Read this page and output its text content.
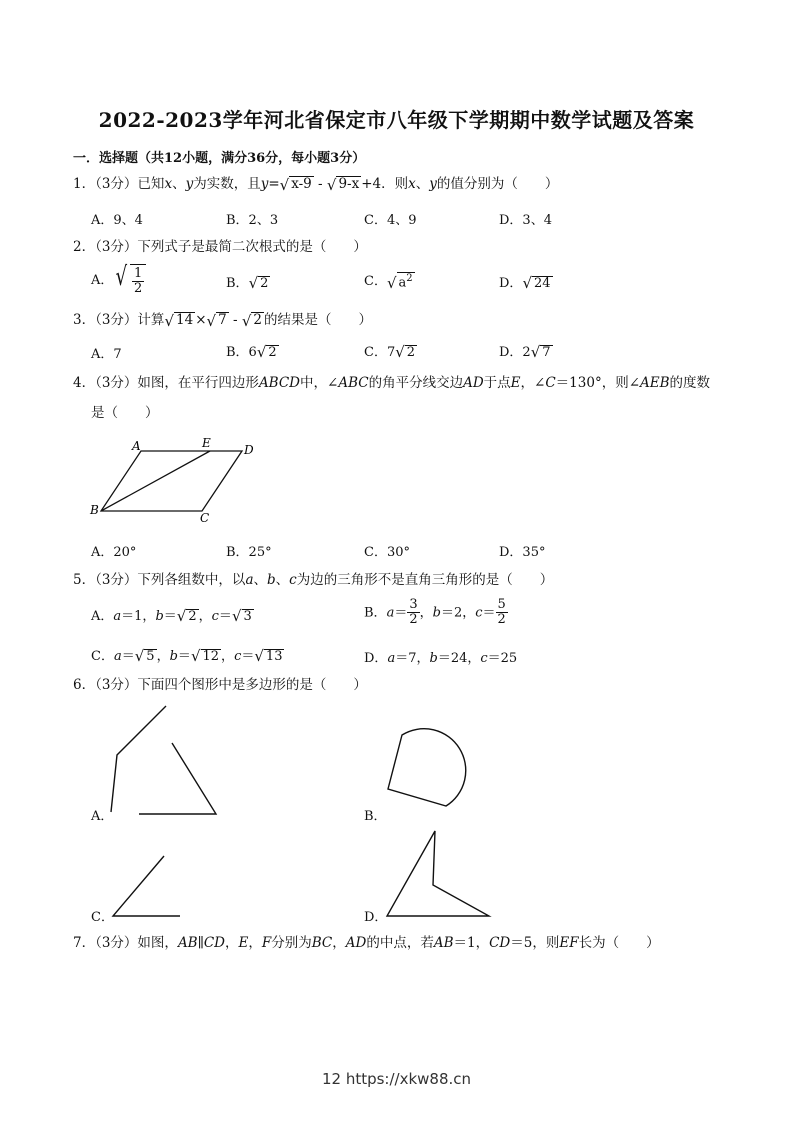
2022-2023学年河北省保定市八年级下学期期中数学试题及答案
一．选择题（共12小题，满分36分，每小题3分）
1．（3分）已知x、y为实数，且y= √ x-9 - √ 9-x +4．则x、y的值分别为（　　）
A．9、4	B．2、3	C．4、9	D．3、4
2．（3分）下列式子是最简二次根式的是（　　）
A． √ $\frac{1}{2}$	B． √ 2	C． √ $a^2$	D． √ 24
3．（3分）计算 √ 14 × √ 7 - √ 2 的结果是（　　）
A．7	B．6 √ 2	C．7 √ 2	D．2 √ 7
4．（3分）如图，在平行四边形ABCD中，∠ABC的角平分线交边AD于点E，∠C＝130°，则∠AEB的度数
是（　　）
A	E	D
B
C
A．20°	B．25°	C．30°	D．35°
5．（3分）下列各组数中，以a、b、c为边的三角形不是直角三角形的是（　　）
A．a＝1，b＝ √ 2 ，c＝ √ 3	B．$a= \frac{3}{2}$ ，b＝2，$c= \frac{5}{2}$
C．a＝ √ 5 ，b＝ √ 12 ，c＝ √ 13	D．a＝7，b＝24，c＝25
6．（3分）下面四个图形中是多边形的是（　　）
A．	B．
C．	D．
7．（3分）如图，AB∥CD，E，F分别为BC，AD的中点，若AB＝1，CD＝5，则EF长为（　　）
12 https://xkw88.cn
